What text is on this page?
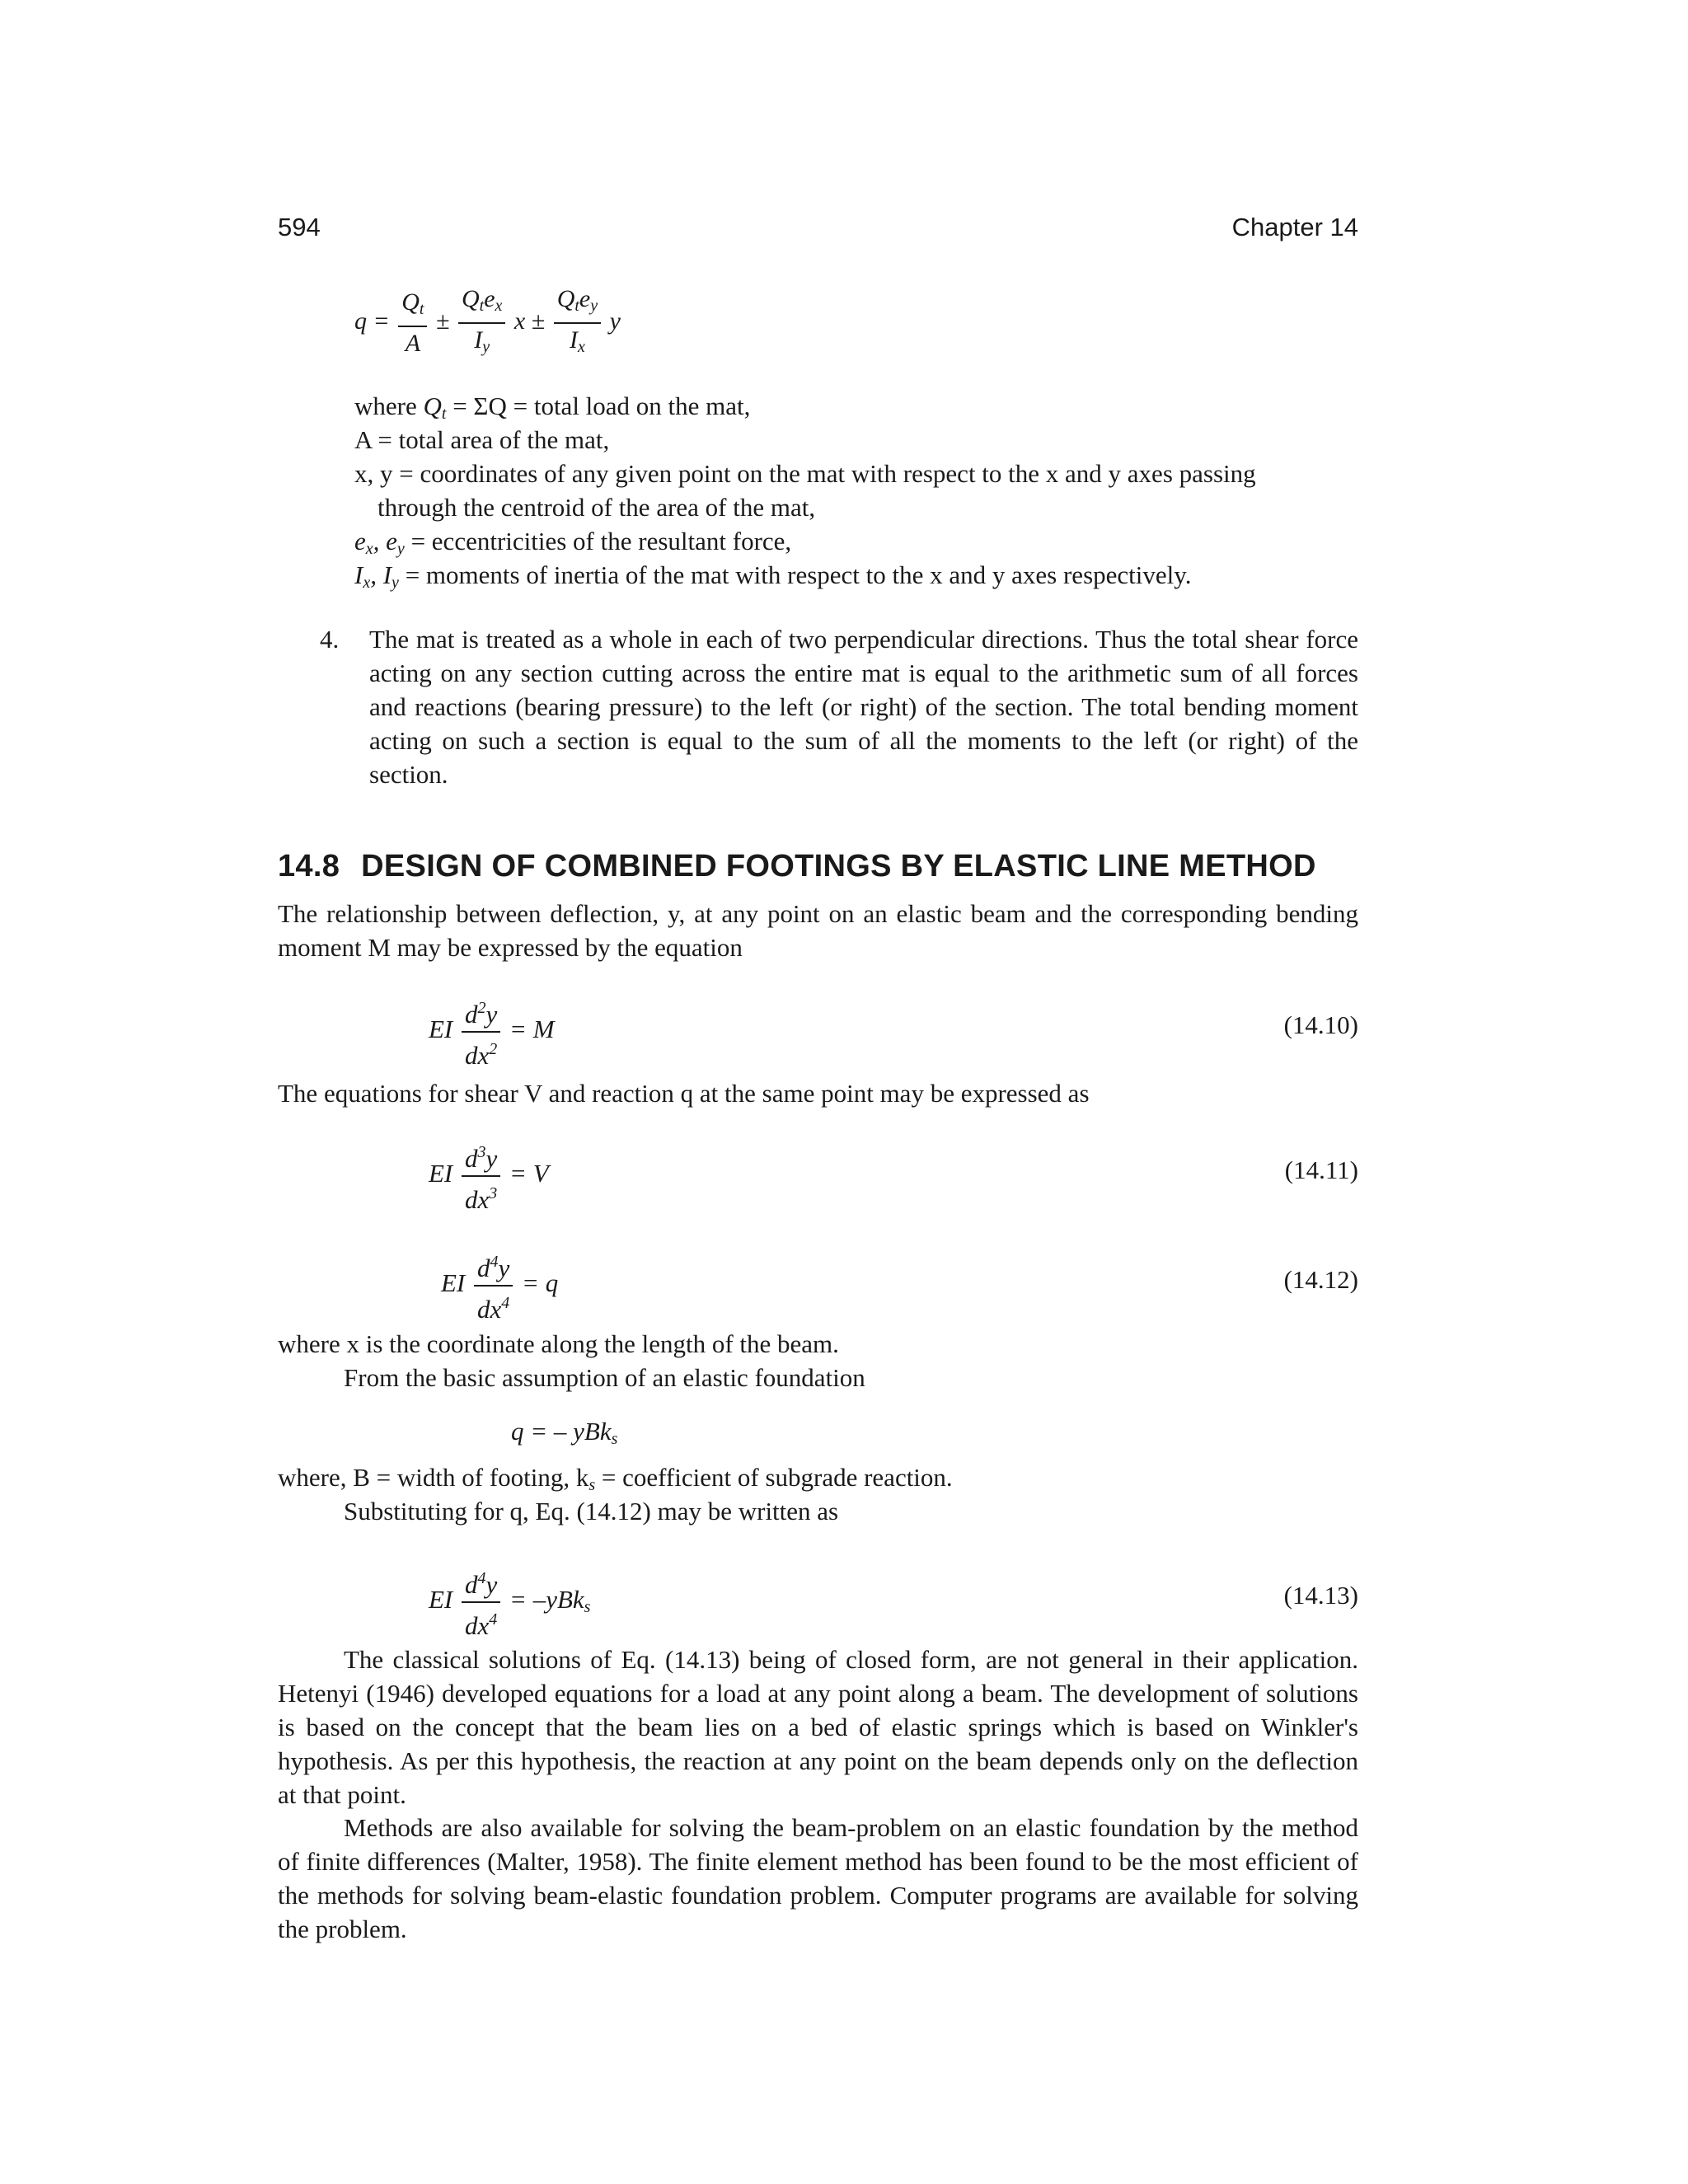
594	Chapter 14
$q = \frac{Q_t}{A} \pm \frac{Q_te_x}{I_y}$ $x \pm \frac{Q_te_y}{I_x}$ y
where $Q_t = \Sigma Q$ = total load on the mat,
A = total area of the mat,
x, y = coordinates of any given point on the mat with respect to the x and y axes passing
through the centroid of the area of the mat,
$e_x$, $e_y$ = eccentricities of the resultant force,
$I_x$, $I_y$ = moments of inertia of the mat with respect to the x and y axes respectively.
4. The mat is treated as a whole in each of two perpendicular directions. Thus the total shear force acting on any section cutting across the entire mat is equal to the arithmetic sum of all forces and reactions (bearing pressure) to the left (or right) of the section. The total bending moment acting on such a section is equal to the sum of all the moments to the left (or right) of the section.
14.8 DESIGN OF COMBINED FOOTINGS BY ELASTIC LINE METHOD
The relationship between deflection, y, at any point on an elastic beam and the corresponding bending moment M may be expressed by the equation
EI $\frac{d^2y}{dx^2} = M$	(14.10)
The equations for shear V and reaction q at the same point may be expressed as
EI $\frac{d^3y}{dx^3} = V$	(14.11)
EI $\frac{d^4y}{dx^4} = q$	(14.12)
where x is the coordinate along the length of the beam.
From the basic assumption of an elastic foundation
q = – yBk$_s$
where, B = width of footing, $k_s$ = coefficient of subgrade reaction.
Substituting for q, Eq. (14.12) may be written as
EI $\frac{d^4y}{dx^4} = -yBk_s$	(14.13)
The classical solutions of Eq. (14.13) being of closed form, are not general in their application. Hetenyi (1946) developed equations for a load at any point along a beam. The development of solutions is based on the concept that the beam lies on a bed of elastic springs which is based on Winkler's hypothesis. As per this hypothesis, the reaction at any point on the beam depends only on the deflection at that point.
Methods are also available for solving the beam-problem on an elastic foundation by the method of finite differences (Malter, 1958). The finite element method has been found to be the most efficient of the methods for solving beam-elastic foundation problem. Computer programs are available for solving the problem.
